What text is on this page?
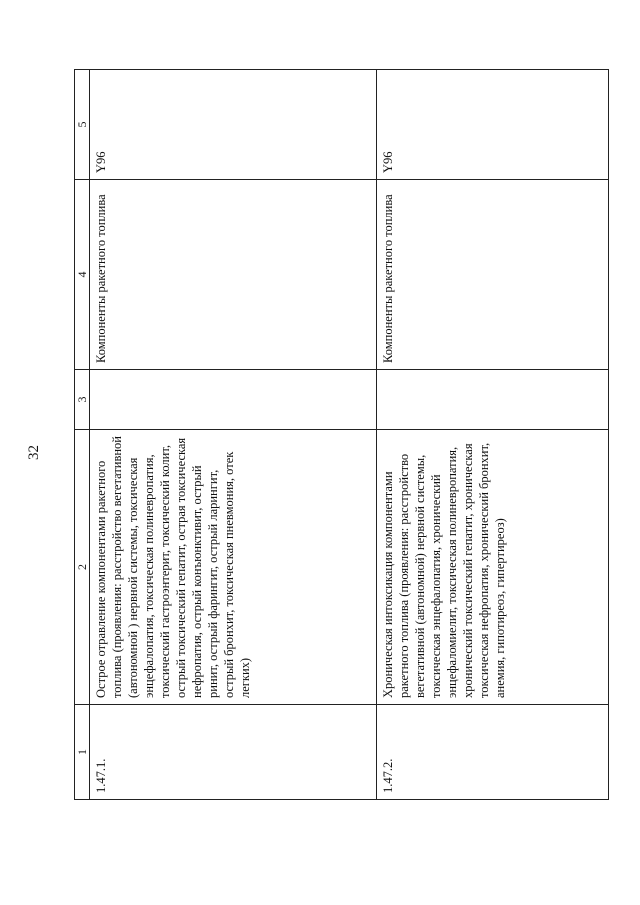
32
1	2	3	4	5
1.47.1.	Острое отравление компонентами ракетного топлива (проявления: расстройство вегетативной (автономной ) нервной системы, токсическая энцефалопатия, токсическая полиневропатия, токсический гастроэнтерит, токсический колит, острый токсический гепатит, острая токсическая нефропатия, острый конъюнктивит, острый ринит, острый фарингит, острый ларингит, острый бронхит, токсическая пневмония, отек легких)		Компоненты ракетного топлива	Y96
1.47.2.	Хроническая интоксикация компонентами ракетного топлива (проявления: расстройство вегетативной (автономной) нервной системы, токсическая энцефалопатия, хронический энцефаломиелит, токсическая полиневропатия, хронический токсический гепатит, хроническая токсическая нефропатия, хронический бронхит, анемия, гипотиреоз, гипертиреоз)		Компоненты ракетного топлива	Y96
